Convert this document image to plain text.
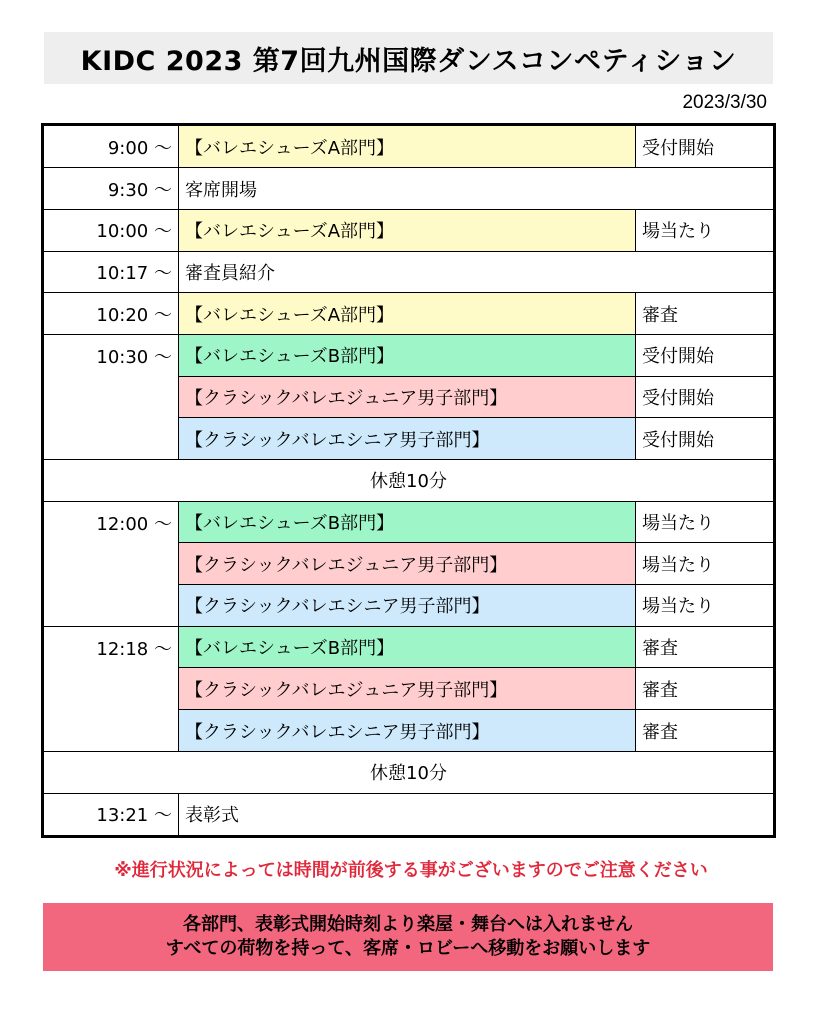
KIDC 2023 第7回九州国際ダンスコンペティション
2023/3/30
9:00 〜	【バレエシューズA部門】	受付開始
9:30 〜	客席開場	
10:00 〜	【バレエシューズA部門】	場当たり
10:17 〜	審査員紹介	
10:20 〜	【バレエシューズA部門】	審査
10:30 〜	【バレエシューズB部門】	受付開始
	【クラシックバレエジュニア男子部門】	受付開始
	【クラシックバレエシニア男子部門】	受付開始
休憩10分		
12:00 〜	【バレエシューズB部門】	場当たり
	【クラシックバレエジュニア男子部門】	場当たり
	【クラシックバレエシニア男子部門】	場当たり
12:18 〜	【バレエシューズB部門】	審査
	【クラシックバレエジュニア男子部門】	審査
	【クラシックバレエシニア男子部門】	審査
休憩10分		
13:21 〜	表彰式	
※進行状況によっては時間が前後する事がございますのでご注意ください
各部門、表彰式開始時刻より楽屋・舞台へは入れません
すべての荷物を持って、客席・ロビーへ移動をお願いします
